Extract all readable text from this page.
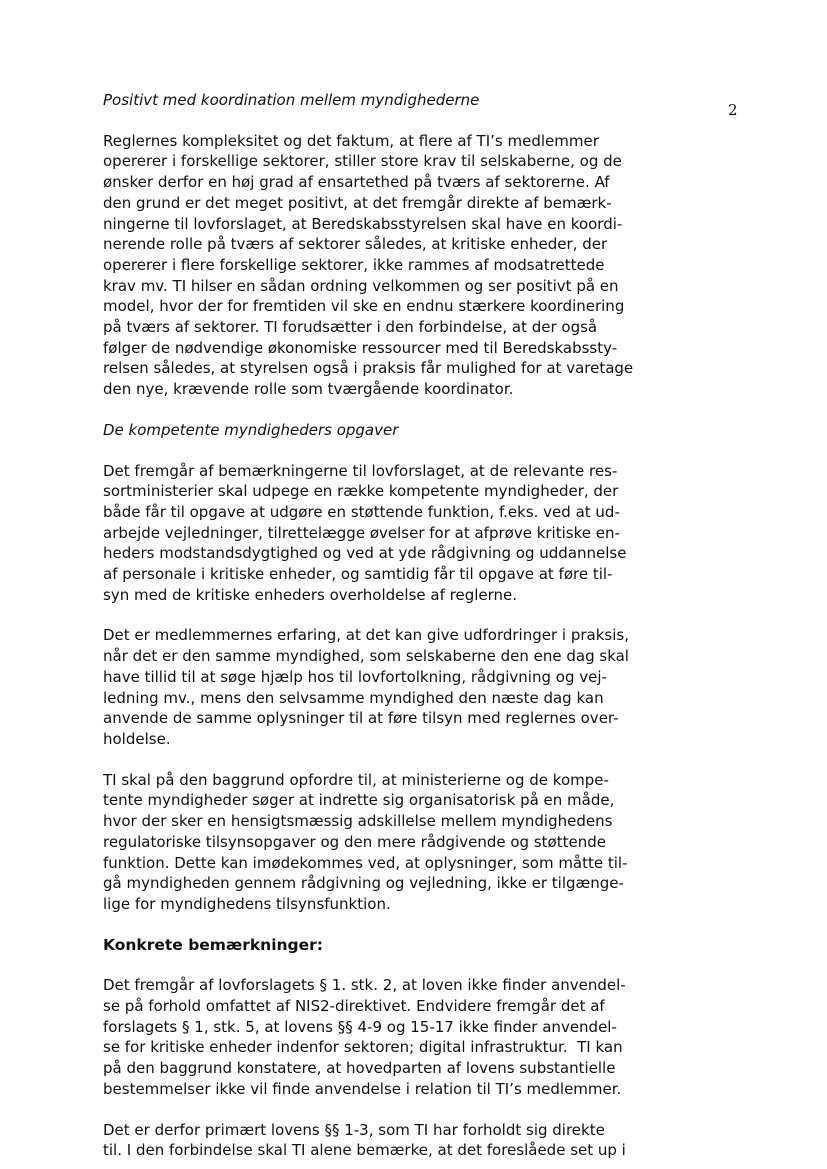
2
Positivt med koordination mellem myndighederne
Reglernes kompleksitet og det faktum, at flere af TI’s medlemmer
opererer i forskellige sektorer, stiller store krav til selskaberne, og de
ønsker derfor en høj grad af ensartethed på tværs af sektorerne. Af
den grund er det meget positivt, at det fremgår direkte af bemærk-
ningerne til lovforslaget, at Beredskabsstyrelsen skal have en koordi-
nerende rolle på tværs af sektorer således, at kritiske enheder, der
opererer i flere forskellige sektorer, ikke rammes af modsatrettede
krav mv. TI hilser en sådan ordning velkommen og ser positivt på en
model, hvor der for fremtiden vil ske en endnu stærkere koordinering
på tværs af sektorer. TI forudsætter i den forbindelse, at der også
følger de nødvendige økonomiske ressourcer med til Beredskabssty-
relsen således, at styrelsen også i praksis får mulighed for at varetage
den nye, krævende rolle som tværgående koordinator.
De kompetente myndigheders opgaver
Det fremgår af bemærkningerne til lovforslaget, at de relevante res-
sortministerier skal udpege en række kompetente myndigheder, der
både får til opgave at udgøre en støttende funktion, f.eks. ved at ud-
arbejde vejledninger, tilrettelægge øvelser for at afprøve kritiske en-
heders modstandsdygtighed og ved at yde rådgivning og uddannelse
af personale i kritiske enheder, og samtidig får til opgave at føre til-
syn med de kritiske enheders overholdelse af reglerne.
Det er medlemmernes erfaring, at det kan give udfordringer i praksis,
når det er den samme myndighed, som selskaberne den ene dag skal
have tillid til at søge hjælp hos til lovfortolkning, rådgivning og vej-
ledning mv., mens den selvsamme myndighed den næste dag kan
anvende de samme oplysninger til at føre tilsyn med reglernes over-
holdelse.
TI skal på den baggrund opfordre til, at ministerierne og de kompe-
tente myndigheder søger at indrette sig organisatorisk på en måde,
hvor der sker en hensigtsmæssig adskillelse mellem myndighedens
regulatoriske tilsynsopgaver og den mere rådgivende og støttende
funktion. Dette kan imødekommes ved, at oplysninger, som måtte til-
gå myndigheden gennem rådgivning og vejledning, ikke er tilgænge-
lige for myndighedens tilsynsfunktion.
Konkrete bemærkninger:
Det fremgår af lovforslagets § 1. stk. 2, at loven ikke finder anvendel-
se på forhold omfattet af NIS2-direktivet. Endvidere fremgår det af
forslagets § 1, stk. 5, at lovens §§ 4-9 og 15-17 ikke finder anvendel-
se for kritiske enheder indenfor sektoren; digital infrastruktur.  TI kan
på den baggrund konstatere, at hovedparten af lovens substantielle
bestemmelser ikke vil finde anvendelse i relation til TI’s medlemmer.
Det er derfor primært lovens §§ 1-3, som TI har forholdt sig direkte
til. I den forbindelse skal TI alene bemærke, at det foreslåede set up i
